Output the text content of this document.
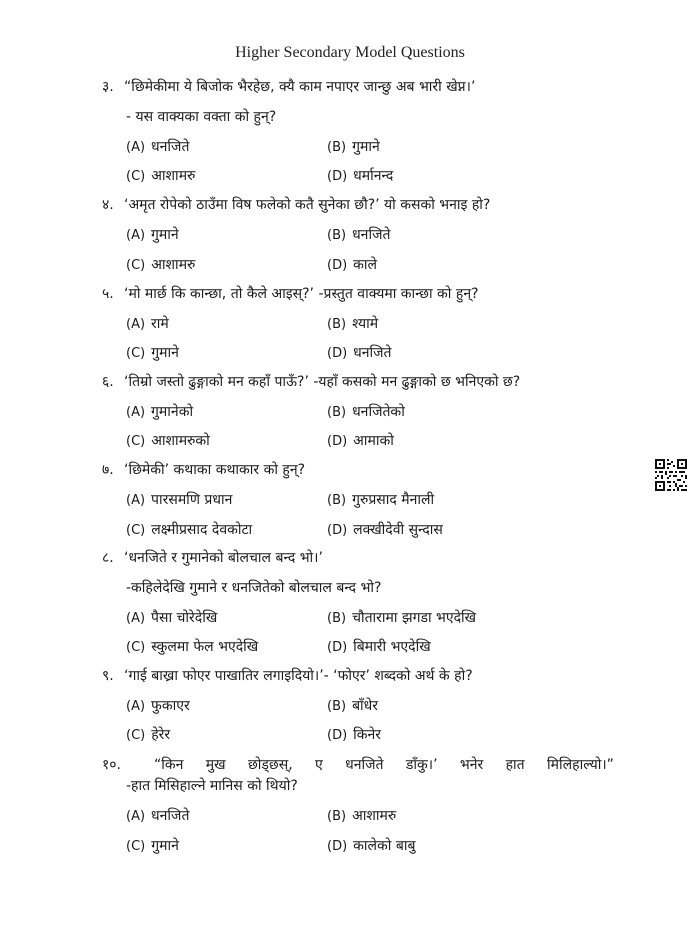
Higher Secondary Model Questions
३. “छिमेकीमा ये बिजोक भैरहेछ, क्यै काम नपाएर जान्छु अब भारी खेप्न।’
- यस वाक्यका वक्ता को हुन्?
(A) धनजिते	(B) गुमाने
(C) आशामरु	(D) धर्मानन्द
४. ‘अमृत रोपेको ठाउँमा विष फलेको कतै सुनेका छौ?’ यो कसको भनाइ हो?
(A) गुमाने	(B) धनजिते
(C) आशामरु	(D) काले
५. ‘मो मार्छ कि कान्छा, तो कैले आइस्?’ -प्रस्तुत वाक्यमा कान्छा को हुन्?
(A) रामे	(B) श्यामे
(C) गुमाने	(D) धनजिते
६. ‘तिम्रो जस्तो ढुङ्गाको मन कहाँ पाऊँ?’ -यहाँ कसको मन ढुङ्गाको छ भनिएको छ?
(A) गुमानेको	(B) धनजितेको
(C) आशामरुको	(D) आमाको
७. ‘छिमेकी’ कथाका कथाकार को हुन्?
(A) पारसमणि प्रधान	(B) गुरुप्रसाद मैनाली
(C) लक्ष्मीप्रसाद देवकोटा	(D) लक्खीदेवी सुन्दास
८. ‘धनजिते र गुमानेको बोलचाल बन्द भो।’
-कहिलेदेखि गुमाने र धनजितेको बोलचाल बन्द भो?
(A) पैसा चोरेदेखि	(B) चौतारामा झगडा भएदेखि
(C) स्कुलमा फेल भएदेखि	(D) बिमारी भएदेखि
९. ‘गाई बाख्रा फोएर पाखातिर लगाइदियो।’- ‘फोएर’ शब्दको अर्थ के हो?
(A) फुकाएर	(B) बाँधेर
(C) हेरेर	(D) किनेर
१०. “किन मुख छोड्छस्, ए धनजिते डाँकु।’ भनेर हात मिलिहाल्यो।”
-हात मिसिहाल्ने मानिस को थियो?
(A) धनजिते	(B) आशामरु
(C) गुमाने	(D) कालेको बाबु
